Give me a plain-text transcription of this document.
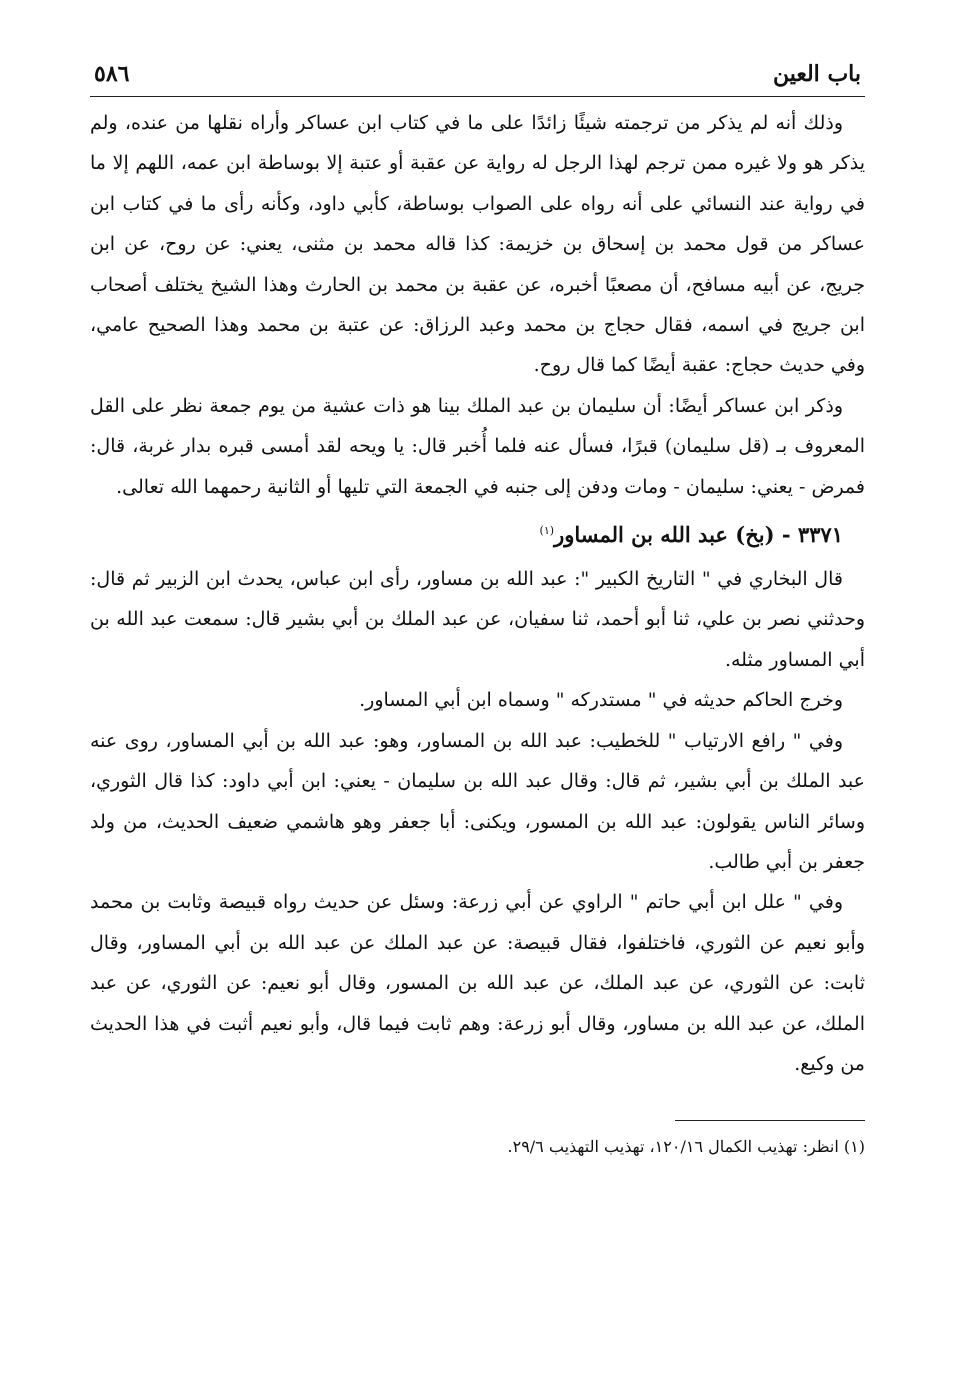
باب العين
٥٨٦

وذلك أنه لم يذكر من ترجمته شيئًا زائدًا على ما في كتاب ابن عساكر وأراه نقلها من عنده، ولم يذكر هو ولا غيره ممن ترجم لهذا الرجل له رواية عن عقبة أو عتبة إلا بوساطة ابن عمه، اللهم إلا ما في رواية عند النسائي على أنه رواه على الصواب بوساطة، كأبي داود، وكأنه رأى ما في كتاب ابن عساكر من قول محمد بن إسحاق بن خزيمة: كذا قاله محمد بن مثنى، يعني: عن روح، عن ابن جريج، عن أبيه مسافح، أن مصعبًا أخبره، عن عقبة بن محمد بن الحارث وهذا الشيخ يختلف أصحاب ابن جريج في اسمه، فقال حجاج بن محمد وعبد الرزاق: عن عتبة بن محمد وهذا الصحيح عامي، وفي حديث حجاج: عقبة أيضًا كما قال روح.

وذكر ابن عساكر أيضًا: أن سليمان بن عبد الملك بينا هو ذات عشية من يوم جمعة نظر على القل المعروف بـ (قل سليمان) قبرًا، فسأل عنه فلما أُخبر قال: يا ويحه لقد أمسى قبره بدار غربة، قال: فمرض - يعني: سليمان - ومات ودفن إلى جنبه في الجمعة التي تليها أو الثانية رحمهما الله تعالى.

٣٣٧١ - (بخ) عبد الله بن المساور$^{(١)}$

قال البخاري في " التاريخ الكبير ": عبد الله بن مساور، رأى ابن عباس، يحدث ابن الزبير ثم قال: وحدثني نصر بن علي، ثنا أبو أحمد، ثنا سفيان، عن عبد الملك بن أبي بشير قال: سمعت عبد الله بن أبي المساور مثله.

وخرج الحاكم حديثه في " مستدركه " وسماه ابن أبي المساور.

وفي " رافع الارتياب " للخطيب: عبد الله بن المساور، وهو: عبد الله بن أبي المساور، روى عنه عبد الملك بن أبي بشير، ثم قال: وقال عبد الله بن سليمان - يعني: ابن أبي داود: كذا قال الثوري، وسائر الناس يقولون: عبد الله بن المسور، ويكنى: أبا جعفر وهو هاشمي ضعيف الحديث، من ولد جعفر بن أبي طالب.

وفي " علل ابن أبي حاتم " الراوي عن أبي زرعة: وسئل عن حديث رواه قبيصة وثابت بن محمد وأبو نعيم عن الثوري، فاختلفوا، فقال قبيصة: عن عبد الملك عن عبد الله بن أبي المساور، وقال ثابت: عن الثوري، عن عبد الملك، عن عبد الله بن المسور، وقال أبو نعيم: عن الثوري، عن عبد الملك، عن عبد الله بن مساور، وقال أبو زرعة: وهم ثابت فيما قال، وأبو نعيم أثبت في هذا الحديث من وكيع.

(١) انظر: تهذيب الكمال ١٢٠/١٦، تهذيب التهذيب ٢٩/٦.
